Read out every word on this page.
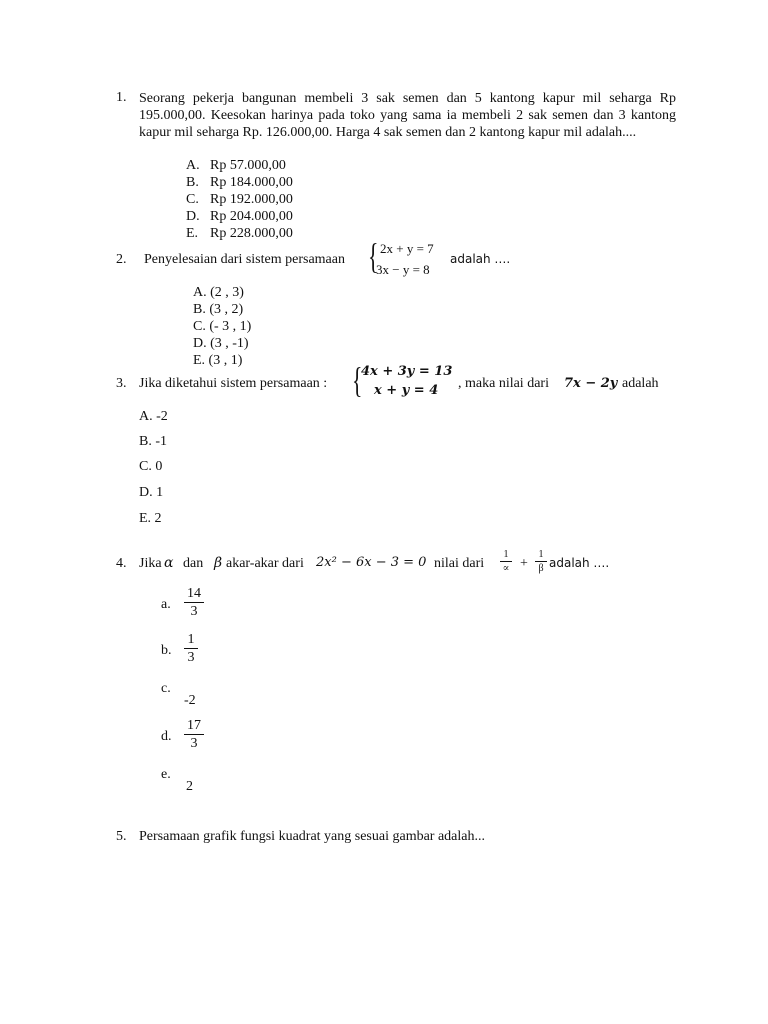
1. Seorang pekerja bangunan membeli 3 sak semen dan 5 kantong kapur mil seharga Rp 195.000,00. Keesokan harinya pada toko yang sama ia membeli 2 sak semen dan 3 kantong kapur mil seharga Rp. 126.000,00. Harga 4 sak semen dan 2 kantong kapur mil adalah....
A. Rp 57.000,00
B. Rp 184.000,00
C. Rp 192.000,00
D. Rp 204.000,00
E. Rp 228.000,00
2. Penyelesaian dari sistem persamaan { 2x + y = 7
3x − y = 8
adalah ….
A. (2 , 3)
B. (3 , 2)
C. (- 3 , 1)
D. (3 , -1)
E. (3 , 1)
3. Jika diketahui sistem persamaan : {
4x + 3y = 13
x + y = 4 , maka nilai dari 7x − 2y adalah
A. -2
B. -1
C. 0
D. 1
E. 2
4. Jika α dan β akar-akar dari 2x² − 6x − 3 = 0 nilai dari
1
∝ +
1
β adalah ….
a.
14
3
b.
1
3
c.
-2
d.
17
3
e.
2
5. Persamaan grafik fungsi kuadrat yang sesuai gambar adalah...
